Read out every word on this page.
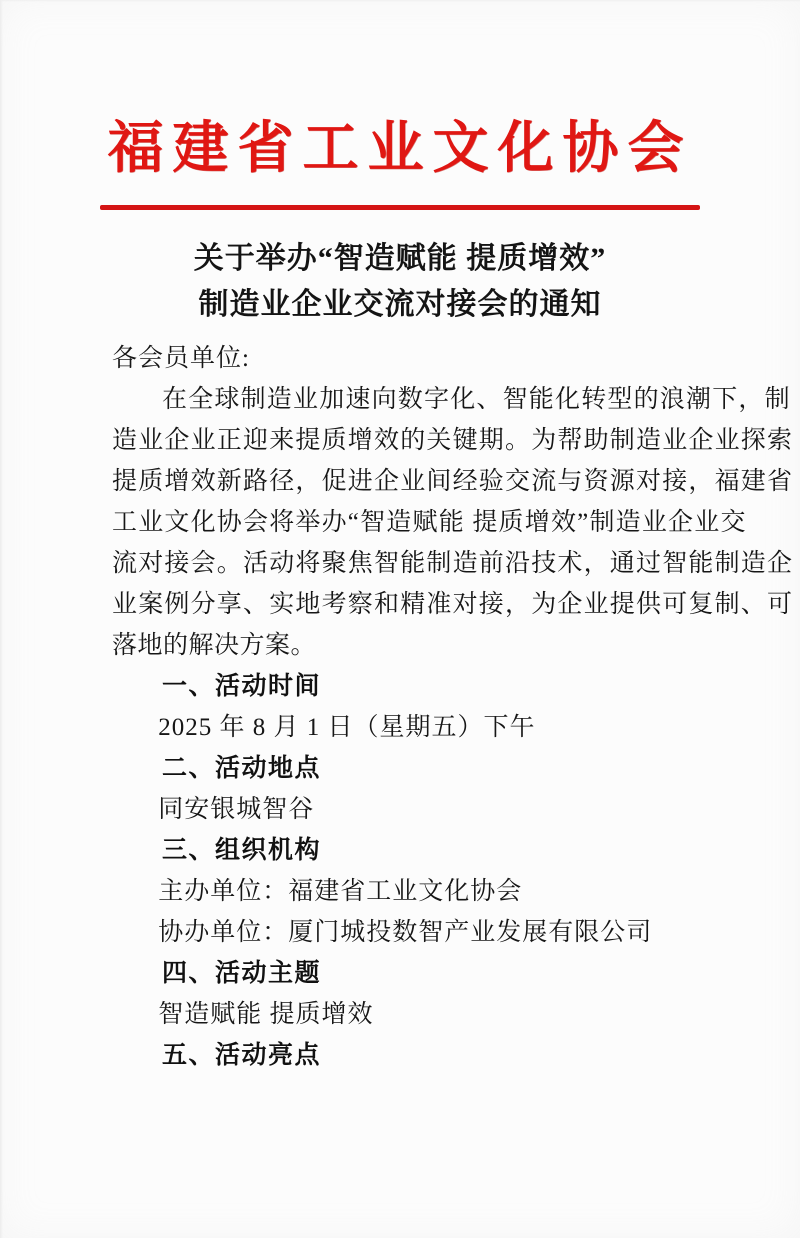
福建省工业文化协会
关于举办“智造赋能 提质增效”
制造业企业交流对接会的通知
各会员单位:
在全球制造业加速向数字化、智能化转型的浪潮下，制
造业企业正迎来提质增效的关键期。为帮助制造业企业探索
提质增效新路径，促进企业间经验交流与资源对接，福建省
工业文化协会将举办“智造赋能 提质增效”制造业企业交
流对接会。活动将聚焦智能制造前沿技术，通过智能制造企
业案例分享、实地考察和精准对接，为企业提供可复制、可
落地的解决方案。
一、活动时间
2025 年 8 月 1 日（星期五）下午
二、活动地点
同安银城智谷
三、组织机构
主办单位：福建省工业文化协会
协办单位：厦门城投数智产业发展有限公司
四、活动主题
智造赋能 提质增效
五、活动亮点
